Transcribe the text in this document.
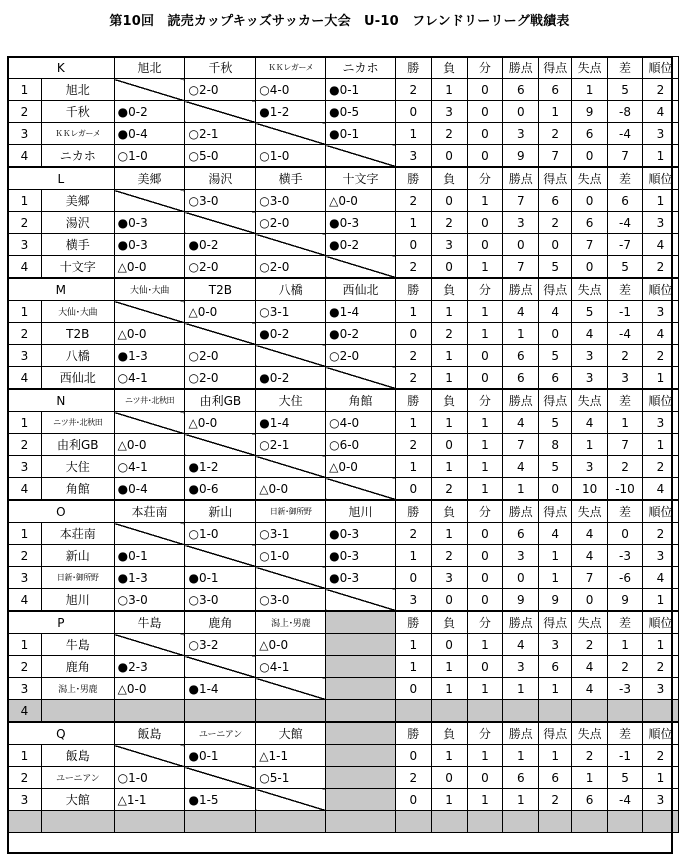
第10回　読売カップキッズサッカー大会　U-10　フレンドリーリーグ戦績表
K		旭北	千秋	ＫＫレガーメ	ニカホ	勝	負	分	勝点	得点	失点	差	順位
1	旭北		○2-0	○4-0	●0-1	2	1	0	6	6	1	5	2
2	千秋	●0-2		●1-2	●0-5	0	3	0	0	1	9	-8	4
3	ＫＫレガーメ	●0-4	○2-1		●0-1	1	2	0	3	2	6	-4	3
4	ニカホ	○1-0	○5-0	○1-0		3	0	0	9	7	0	7	1
L		美郷	湯沢	横手	十文字	勝	負	分	勝点	得点	失点	差	順位
1	美郷		○3-0	○3-0	△0-0	2	0	1	7	6	0	6	1
2	湯沢	●0-3		○2-0	●0-3	1	2	0	3	2	6	-4	3
3	横手	●0-3	●0-2		●0-2	0	3	0	0	0	7	-7	4
4	十文字	△0-0	○2-0	○2-0		2	0	1	7	5	0	5	2
M		大仙･大曲	T2B	八橋	西仙北	勝	負	分	勝点	得点	失点	差	順位
1	大仙･大曲		△0-0	○3-1	●1-4	1	1	1	4	4	5	-1	3
2	T2B	△0-0		●0-2	●0-2	0	2	1	1	0	4	-4	4
3	八橋	●1-3	○2-0		○2-0	2	1	0	6	5	3	2	2
4	西仙北	○4-1	○2-0	●0-2		2	1	0	6	6	3	3	1
N		ニツ井･北秋田	由利GB	大住	角館	勝	負	分	勝点	得点	失点	差	順位
1	ニツ井･北秋田		△0-0	●1-4	○4-0	1	1	1	4	5	4	1	3
2	由利GB	△0-0		○2-1	○6-0	2	0	1	7	8	1	7	1
3	大住	○4-1	●1-2		△0-0	1	1	1	4	5	3	2	2
4	角館	●0-4	●0-6	△0-0		0	2	1	1	0	10	-10	4
O		本荘南	新山	日新･御所野	旭川	勝	負	分	勝点	得点	失点	差	順位
1	本荘南		○1-0	○3-1	●0-3	2	1	0	6	4	4	0	2
2	新山	●0-1		○1-0	●0-3	1	2	0	3	1	4	-3	3
3	日新･御所野	●1-3	●0-1		●0-3	0	3	0	0	1	7	-6	4
4	旭川	○3-0	○3-0	○3-0		3	0	0	9	9	0	9	1
P		牛島	鹿角	潟上･男鹿		勝	負	分	勝点	得点	失点	差	順位
1	牛島		○3-2	△0-0		1	0	1	4	3	2	1	1
2	鹿角	●2-3		○4-1		1	1	0	3	6	4	2	2
3	潟上･男鹿	△0-0	●1-4			0	1	1	1	1	4	-3	3
4													
Q		飯島	ユーニアン	大館		勝	負	分	勝点	得点	失点	差	順位
1	飯島		●0-1	△1-1		0	1	1	1	1	2	-1	2
2	ユーニアン	○1-0		○5-1		2	0	0	6	6	1	5	1
3	大館	△1-1	●1-5			0	1	1	1	2	6	-4	3
